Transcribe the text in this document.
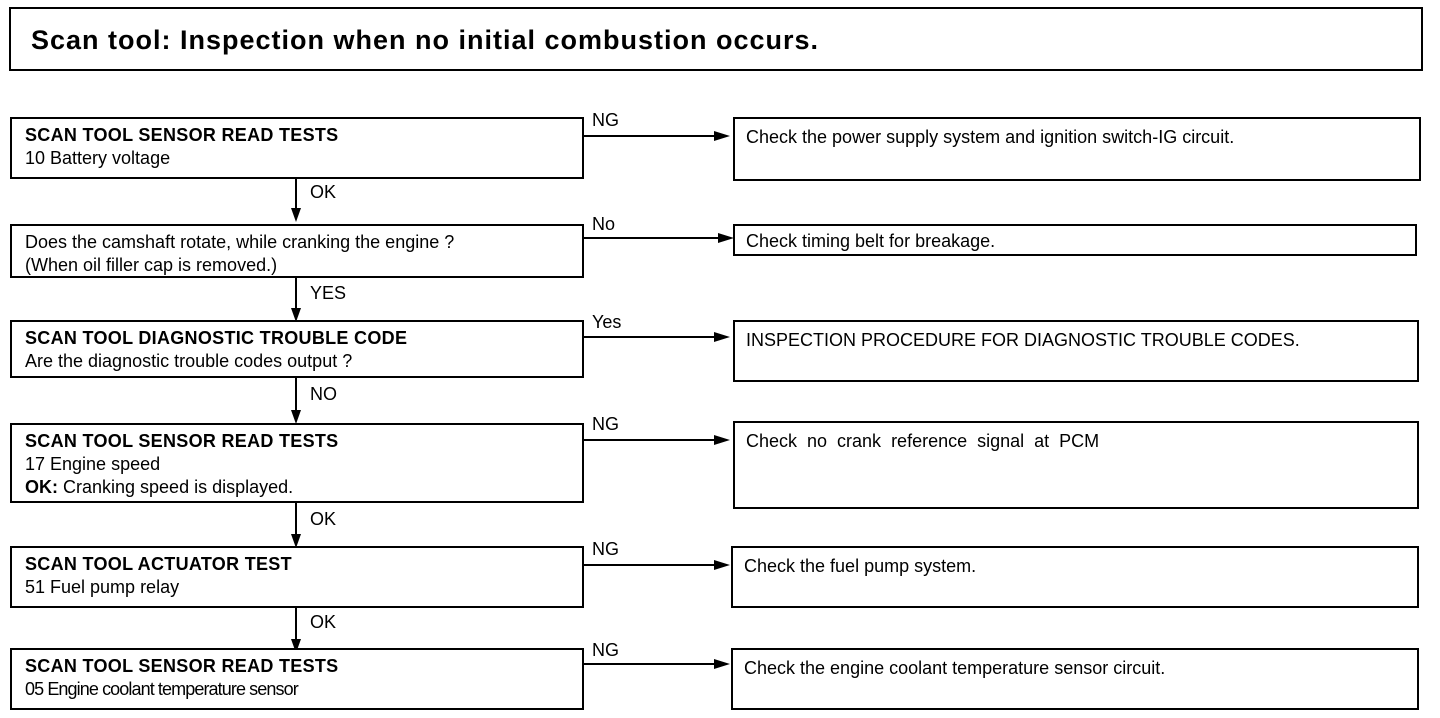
Scan tool: Inspection when no initial combustion occurs.
SCAN TOOL SENSOR READ TESTS
10 Battery voltage
NG
Check the power supply system and ignition switch-IG circuit.
OK
Does the camshaft rotate, while cranking the engine ?
(When oil filler cap is removed.)
No
Check timing belt for breakage.
YES
SCAN TOOL DIAGNOSTIC TROUBLE CODE
Are the diagnostic trouble codes output ?
Yes
INSPECTION PROCEDURE FOR DIAGNOSTIC TROUBLE CODES.
NO
SCAN TOOL SENSOR READ TESTS
17 Engine speed
OK: Cranking speed is displayed.
NG
Check  no  crank  reference  signal  at  PCM
OK
SCAN TOOL ACTUATOR TEST
51 Fuel pump relay
NG
Check the fuel pump system.
OK
SCAN TOOL SENSOR READ TESTS
05 Engine coolant temperature sensor
NG
Check the engine coolant temperature sensor circuit.
